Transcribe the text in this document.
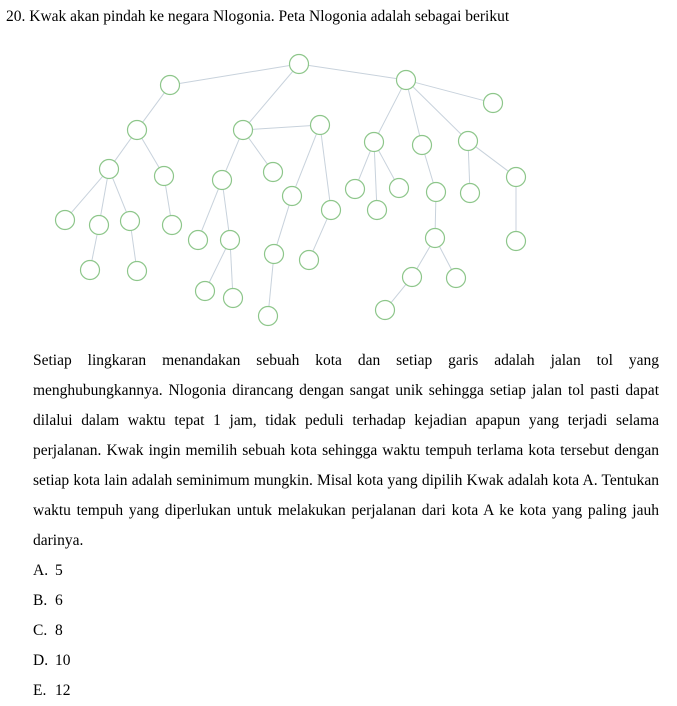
20. Kwak akan pindah ke negara Nlogonia. Peta Nlogonia adalah sebagai berikut

Setiap lingkaran menandakan sebuah kota dan setiap garis adalah jalan tol yang menghubungkannya. Nlogonia dirancang dengan sangat unik sehingga setiap jalan tol pasti dapat dilalui dalam waktu tepat 1 jam, tidak peduli terhadap kejadian apapun yang terjadi selama perjalanan. Kwak ingin memilih sebuah kota sehingga waktu tempuh terlama kota tersebut dengan setiap kota lain adalah seminimum mungkin. Misal kota yang dipilih Kwak adalah kota A. Tentukan waktu tempuh yang diperlukan untuk melakukan perjalanan dari kota A ke kota yang paling jauh darinya.

A. 5
B. 6
C. 8
D. 10
E. 12
